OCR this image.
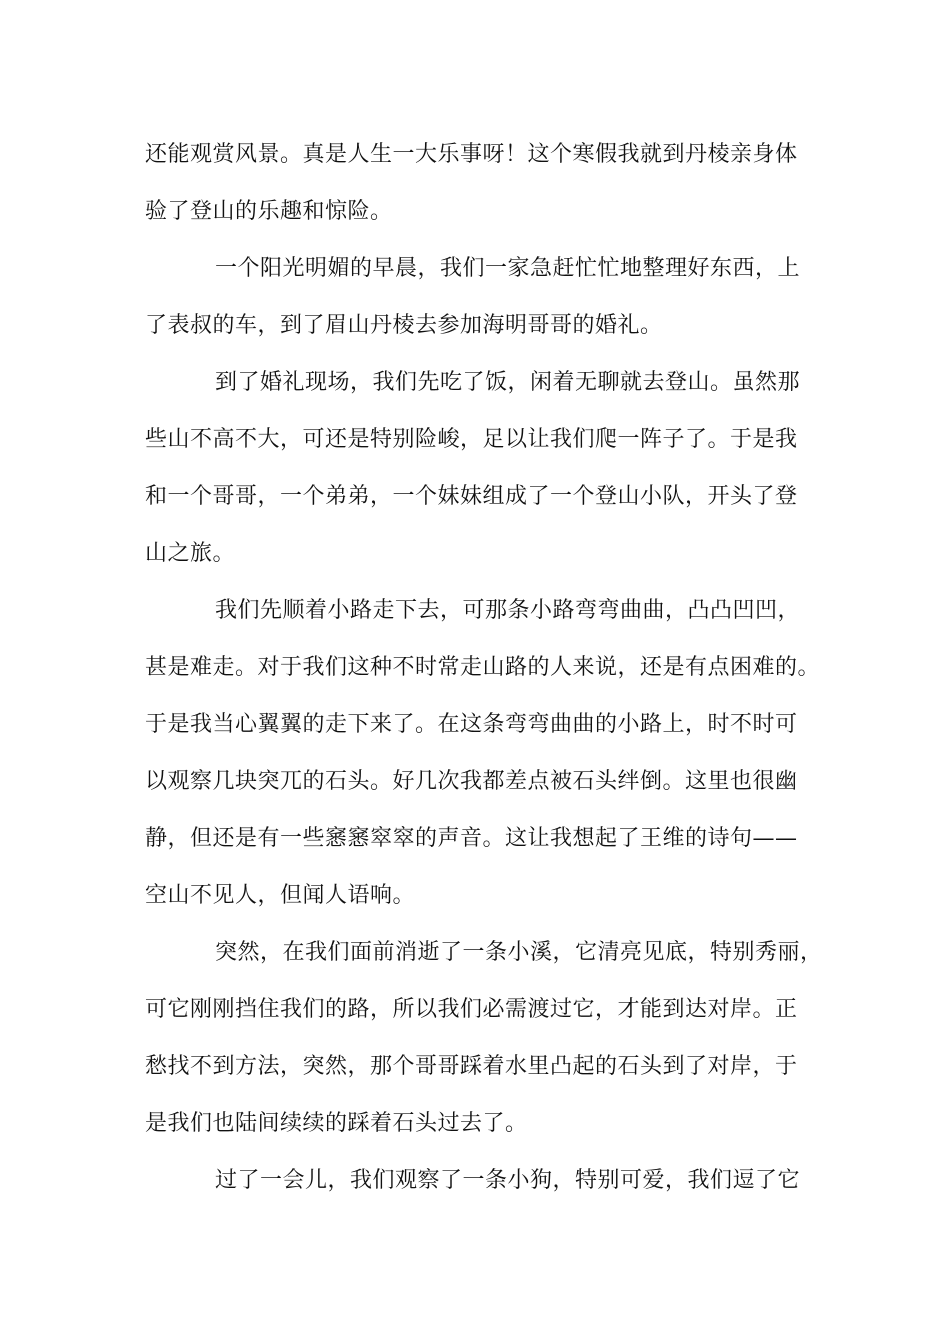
还能观赏风景。真是人生一大乐事呀！这个寒假我就到丹棱亲身体
验了登山的乐趣和惊险。
一个阳光明媚的早晨，我们一家急赶忙忙地整理好东西，上
了表叔的车，到了眉山丹棱去参加海明哥哥的婚礼。
到了婚礼现场，我们先吃了饭，闲着无聊就去登山。虽然那
些山不高不大，可还是特别险峻，足以让我们爬一阵子了。于是我
和一个哥哥，一个弟弟，一个妹妹组成了一个登山小队，开头了登
山之旅。
我们先顺着小路走下去，可那条小路弯弯曲曲，凸凸凹凹，
甚是难走。对于我们这种不时常走山路的人来说，还是有点困难的。
于是我当心翼翼的走下来了。在这条弯弯曲曲的小路上，时不时可
以观察几块突兀的石头。好几次我都差点被石头绊倒。这里也很幽
静，但还是有一些窸窸窣窣的声音。这让我想起了王维的诗句——
空山不见人，但闻人语响。
突然，在我们面前消逝了一条小溪，它清亮见底，特别秀丽，
可它刚刚挡住我们的路，所以我们必需渡过它，才能到达对岸。正
愁找不到方法，突然，那个哥哥踩着水里凸起的石头到了对岸，于
是我们也陆间续续的踩着石头过去了。
过了一会儿，我们观察了一条小狗，特别可爱，我们逗了它
